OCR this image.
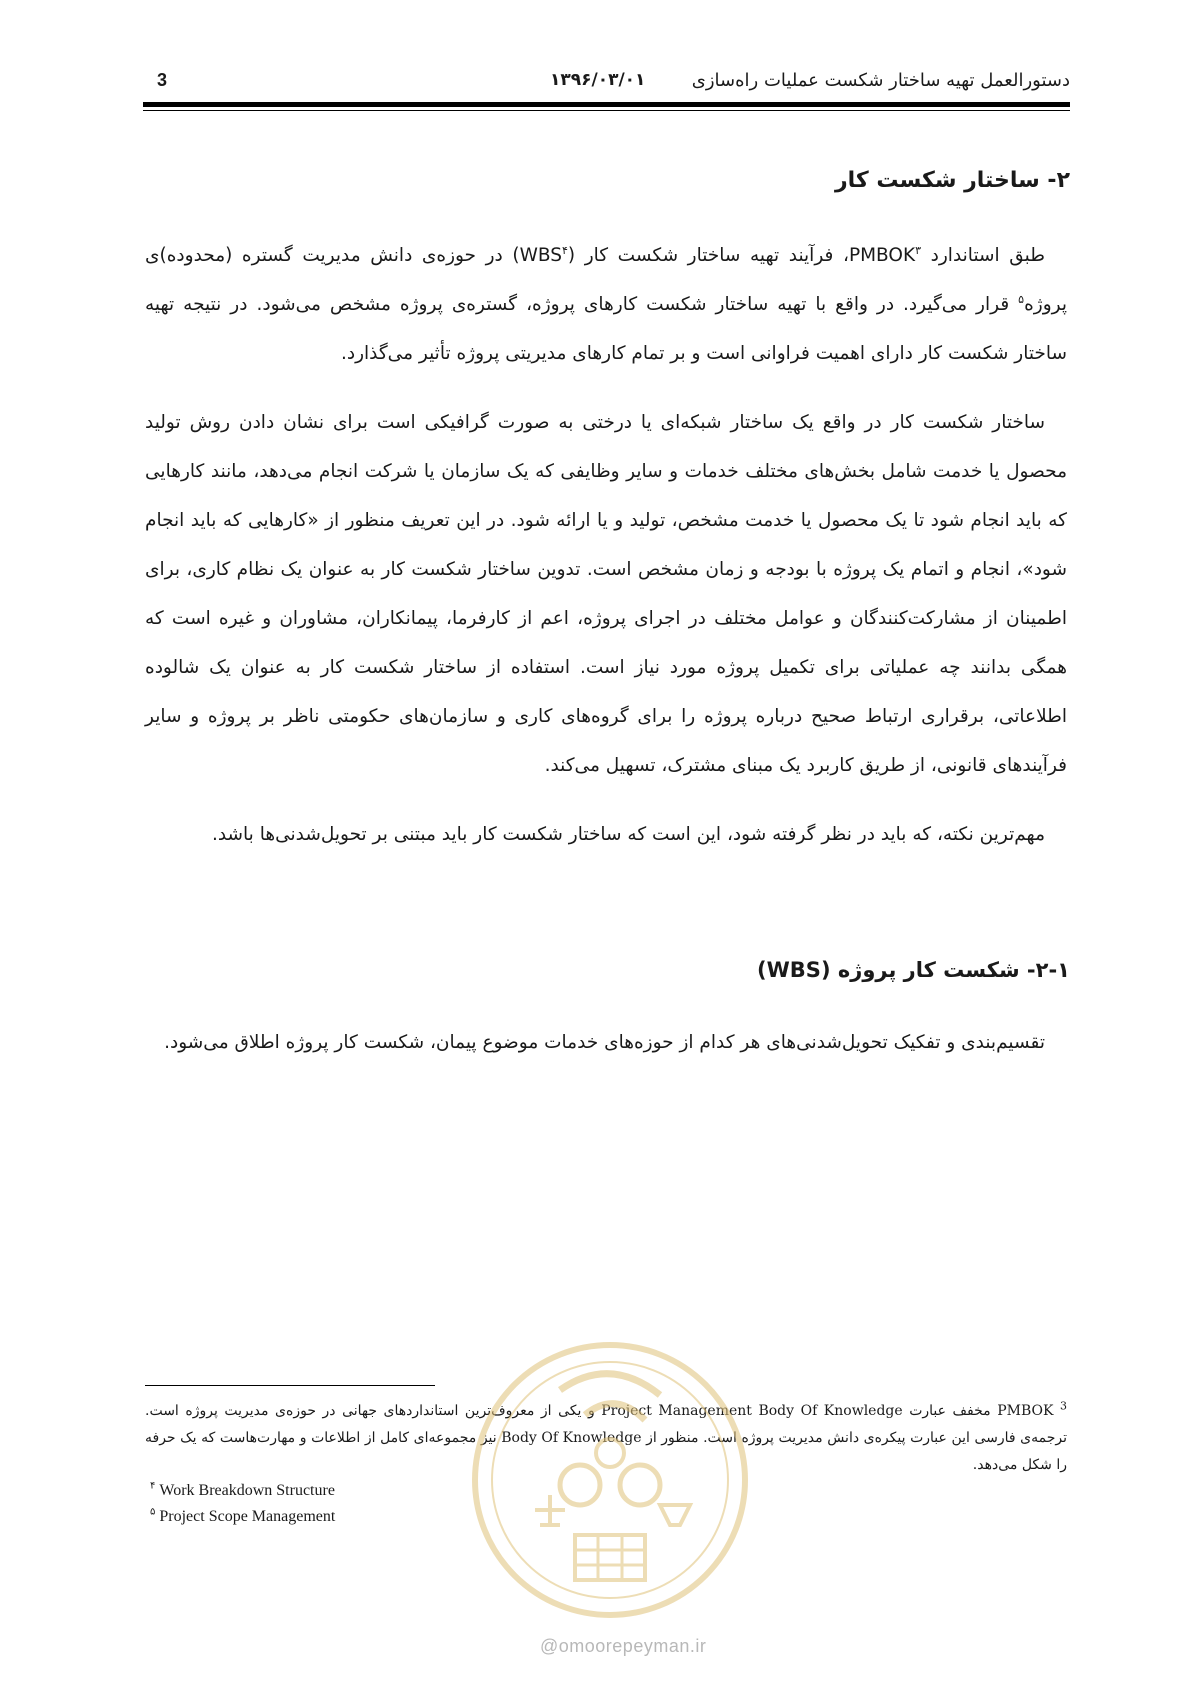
دستورالعمل تهیه ساختار شکست عملیات راه‌سازی
۱۳۹۶/۰۳/۰۱
3
۲- ساختار شکست کار

طبق استاندارد PMBOK$^۳$، فرآیند تهیه ساختار شکست کار (WBS$^۴$) در حوزه‌ی دانش مدیریت گستره (محدوده)ی پروژه$^۵$ قرار می‌گیرد. در واقع با تهیه ساختار شکست کارهای پروژه، گستره‌ی پروژه مشخص می‌شود. در نتیجه تهیه ساختار شکست کار دارای اهمیت فراوانی است و بر تمام کارهای مدیریتی پروژه تأثیر می‌گذارد.

ساختار شکست کار در واقع یک ساختار شبکه‌ای یا درختی به صورت گرافیکی است برای نشان دادن روش تولید محصول یا خدمت شامل بخش‌های مختلف خدمات و سایر وظایفی که یک سازمان یا شرکت انجام می‌دهد، مانند کارهایی که باید انجام شود تا یک محصول یا خدمت مشخص، تولید و یا ارائه شود. در این تعریف منظور از «کارهایی که باید انجام شود»، انجام و اتمام یک پروژه با بودجه و زمان مشخص است. تدوین ساختار شکست کار به عنوان یک نظام کاری، برای اطمینان از مشارکت‌کنندگان و عوامل مختلف در اجرای پروژه، اعم از کارفرما، پیمانکاران، مشاوران و غیره است که همگی بدانند چه عملیاتی برای تکمیل پروژه مورد نیاز است. استفاده از ساختار شکست کار به عنوان یک شالوده اطلاعاتی، برقراری ارتباط صحیح درباره پروژه را برای گروه‌های کاری و سازمان‌های حکومتی ناظر بر پروژه و سایر فرآیندهای قانونی، از طریق کاربرد یک مبنای مشترک، تسهیل می‌کند.

مهم‌ترین نکته، که باید در نظر گرفته شود، این است که ساختار شکست کار باید مبتنی بر تحویل‌شدنی‌ها باشد.

۲-۱- شکست کار پروژه (WBS)

تقسیم‌بندی و تفکیک تحویل‌شدنی‌های هر کدام از حوزه‌های خدمات موضوع پیمان، شکست کار پروژه اطلاق می‌شود.

$^3$ PMBOK مخفف عبارت Project Management Body Of Knowledge و یکی از معروف‌ترین استانداردهای جهانی در حوزه‌ی مدیریت پروژه است. ترجمه‌ی فارسی این عبارت پیکره‌ی دانش مدیریت پروژه است. منظور از Body Of Knowledge نیز مجموعه‌ای کامل از اطلاعات و مهارت‌هاست که یک حرفه را شکل می‌دهد.
$^۴$ Work Breakdown Structure
$^۵$ Project Scope Management
@omoorepeyman.ir
